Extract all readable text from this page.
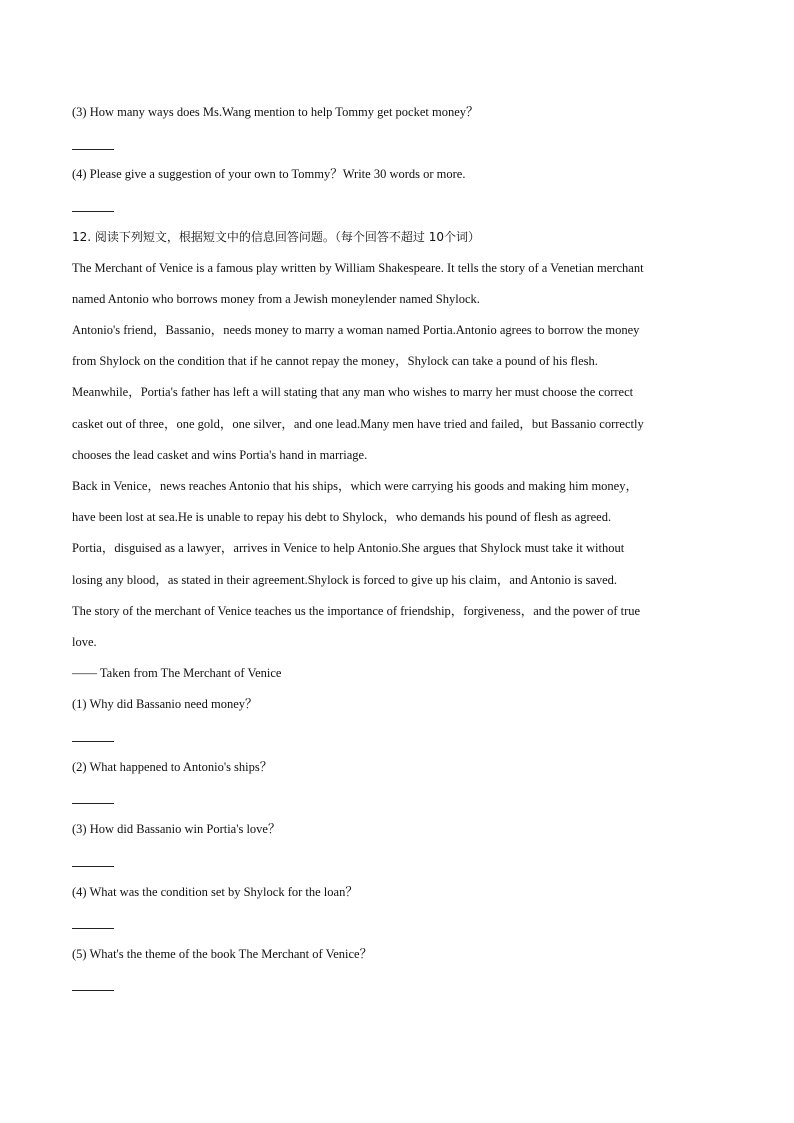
(3) How many ways does Ms.Wang mention to help Tommy get pocket money？
(4) Please give a suggestion of your own to Tommy？Write 30 words or more.
12. 阅读下列短文，根据短文中的信息回答问题。（每个回答不超过 10个词）
The Merchant of Venice is a famous play written by William Shakespeare. It tells the story of a Venetian merchant
named Antonio who borrows money from a Jewish moneylender named Shylock.
Antonio's friend，Bassanio，needs money to marry a woman named Portia.Antonio agrees to borrow the money
from Shylock on the condition that if he cannot repay the money，Shylock can take a pound of his flesh.
Meanwhile，Portia's father has left a will stating that any man who wishes to marry her must choose the correct
casket out of three，one gold，one silver，and one lead.Many men have tried and failed，but Bassanio correctly
chooses the lead casket and wins Portia's hand in marriage.
Back in Venice，news reaches Antonio that his ships，which were carrying his goods and making him money，
have been lost at sea.He is unable to repay his debt to Shylock，who demands his pound of flesh as agreed.
Portia，disguised as a lawyer，arrives in Venice to help Antonio.She argues that Shylock must take it without
losing any blood，as stated in their agreement.Shylock is forced to give up his claim，and Antonio is saved.
The story of the merchant of Venice teaches us the importance of friendship，forgiveness，and the power of true
love.
—— Taken from The Merchant of Venice
(1) Why did Bassanio need money？
(2) What happened to Antonio's ships？
(3) How did Bassanio win Portia's love？
(4) What was the condition set by Shylock for the loan？
(5) What's the theme of the book The Merchant of Venice？
